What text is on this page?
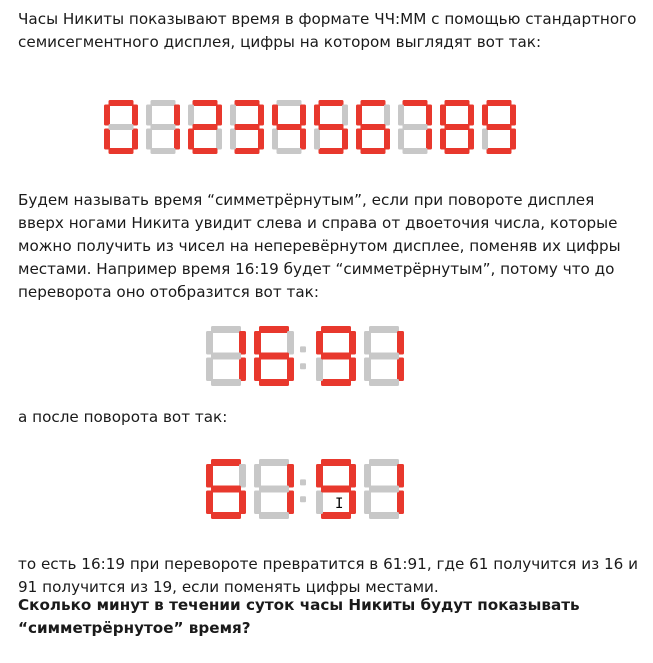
Часы Никиты показывают время в формате ЧЧ:ММ с помощью стандартного семисегментного дисплея, цифры на котором выглядят вот так:

Будем называть время “симметрёрнутым”, если при повороте дисплея вверх ногами Никита увидит слева и справа от двоеточия числа, которые можно получить из чисел на неперевёрнутом дисплее, поменяв их цифры местами. Например время 16:19 будет “симметрёрнутым”, потому что до переворота оно отобразится вот так:

а после поворота вот так:

I

то есть 16:19 при перевороте превратится в 61:91, где 61 получится из 16 и 91 получится из 19, если поменять цифры местами.

Сколько минут в течении суток часы Никиты будут показывать “симметрёрнутое” время?
